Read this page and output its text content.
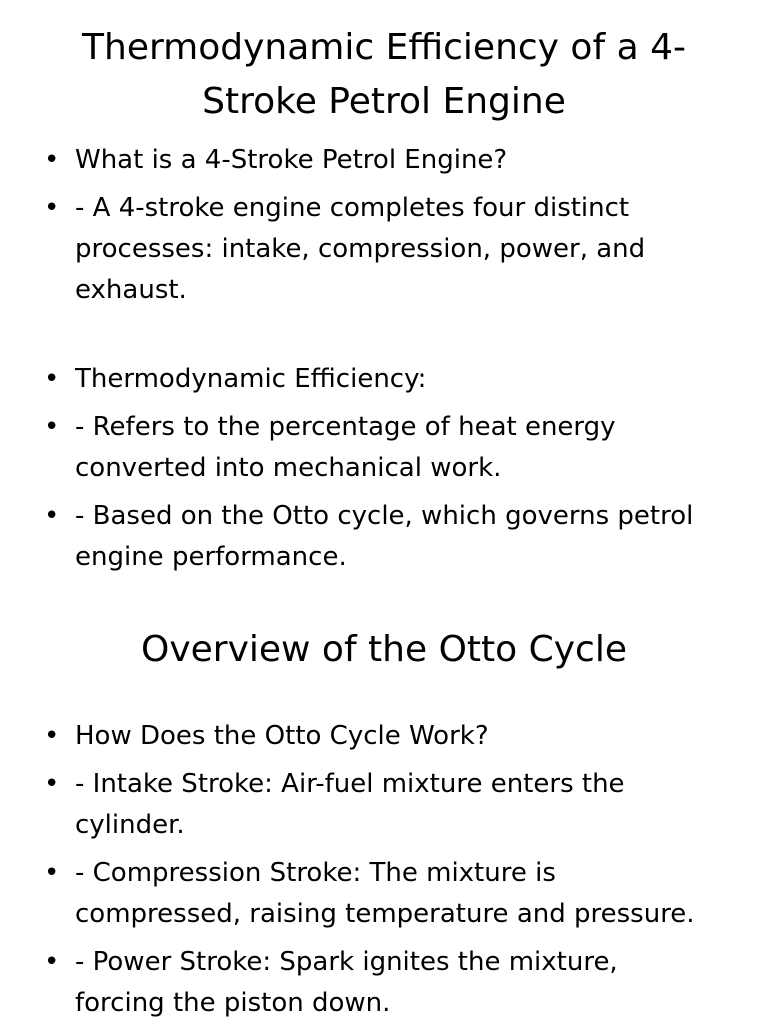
Thermodynamic Efficiency of a 4-Stroke Petrol Engine
• What is a 4-Stroke Petrol Engine?
• - A 4-stroke engine completes four distinct processes: intake, compression, power, and exhaust.
• Thermodynamic Efficiency:
• - Refers to the percentage of heat energy converted into mechanical work.
• - Based on the Otto cycle, which governs petrol engine performance.
Overview of the Otto Cycle
• How Does the Otto Cycle Work?
• - Intake Stroke: Air-fuel mixture enters the cylinder.
• - Compression Stroke: The mixture is compressed, raising temperature and pressure.
• - Power Stroke: Spark ignites the mixture, forcing the piston down.
